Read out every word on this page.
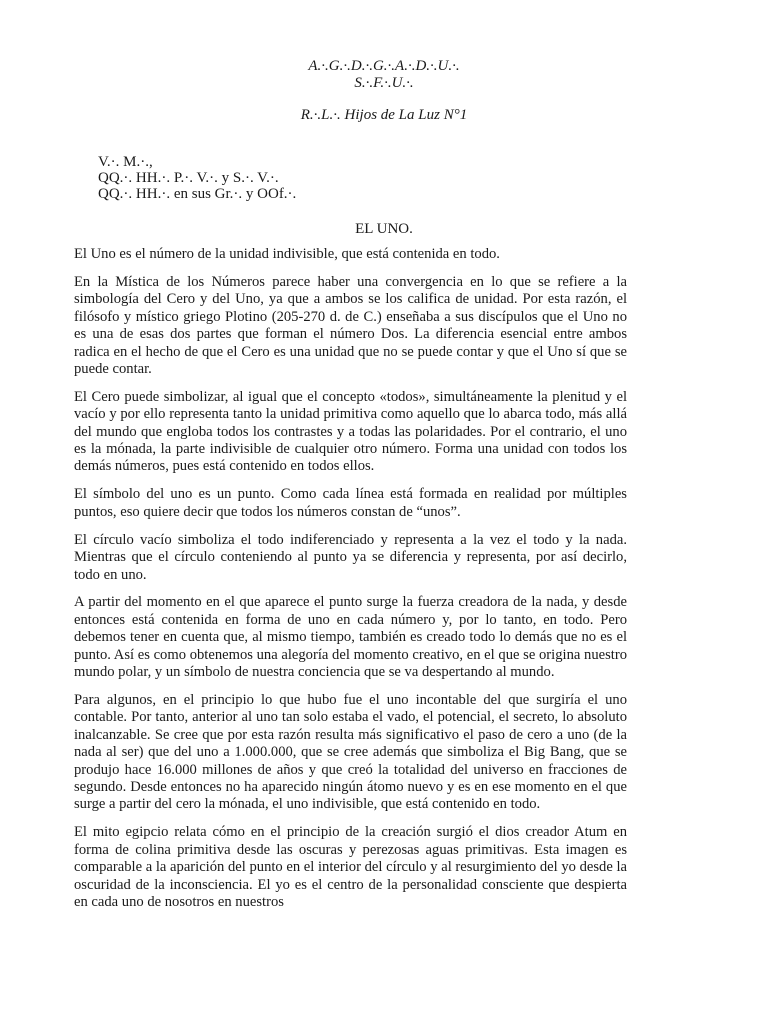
A.·.G.·.D.·.G.·.A.·.D.·.U.·.
S.·.F.·.U.·.
R.·.L.·. Hijos de La Luz N°1
V.·. M.·.,
QQ.·. HH.·. P.·. V.·. y S.·. V.·.
QQ.·. HH.·. en sus Gr.·. y OOf.·.
EL UNO.

El Uno es el número de la unidad indivisible, que está contenida en todo.

En la Mística de los Números parece haber una convergencia en lo que se refiere a la simbología del Cero y del Uno, ya que a ambos se los califica de unidad. Por esta razón, el filósofo y místico griego Plotino (205-270 d. de C.) enseñaba a sus discípulos que el Uno no es una de esas dos partes que forman el número Dos. La diferencia esencial entre ambos radica en el hecho de que el Cero es una unidad que no se puede contar y que el Uno sí que se puede contar.

El Cero puede simbolizar, al igual que el concepto «todos», simultáneamente la plenitud y el vacío y por ello representa tanto la unidad primitiva como aquello que lo abarca todo, más allá del mundo que engloba todos los contrastes y a todas las polaridades. Por el contrario, el uno es la mónada, la parte indivisible de cualquier otro número. Forma una unidad con todos los demás números, pues está contenido en todos ellos.

El símbolo del uno es un punto. Como cada línea está formada en realidad por múltiples puntos, eso quiere decir que todos los números constan de “unos”.

El círculo vacío simboliza el todo indiferenciado y representa a la vez el todo y la nada. Mientras que el círculo conteniendo al punto ya se diferencia y representa, por así decirlo, todo en uno.

A partir del momento en el que aparece el punto surge la fuerza creadora de la nada, y desde entonces está contenida en forma de uno en cada número y, por lo tanto, en todo. Pero debemos tener en cuenta que, al mismo tiempo, también es creado todo lo demás que no es el punto. Así es como obtenemos una alegoría del momento creativo, en el que se origina nuestro mundo polar, y un símbolo de nuestra conciencia que se va despertando al mundo.

Para algunos, en el principio lo que hubo fue el uno incontable del que surgiría el uno contable. Por tanto, anterior al uno tan solo estaba el vado, el potencial, el secreto, lo absoluto inalcanzable. Se cree que por esta razón resulta más significativo el paso de cero a uno (de la nada al ser) que del uno a 1.000.000, que se cree además que simboliza el Big Bang, que se produjo hace 16.000 millones de años y que creó la totalidad del universo en fracciones de segundo. Desde entonces no ha aparecido ningún átomo nuevo y es en ese momento en el que surge a partir del cero la mónada, el uno indivisible, que está contenido en todo.

El mito egipcio relata cómo en el principio de la creación surgió el dios creador Atum en forma de colina primitiva desde las oscuras y perezosas aguas primitivas. Esta imagen es comparable a la aparición del punto en el interior del círculo y al resurgimiento del yo desde la oscuridad de la inconsciencia. El yo es el centro de la personalidad consciente que despierta en cada uno de nosotros en nuestros
